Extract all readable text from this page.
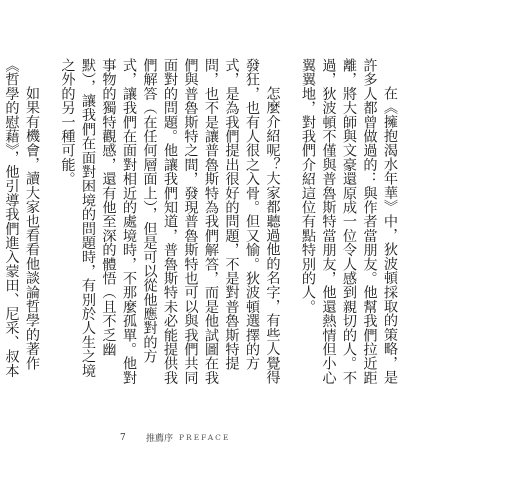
在《擁抱渴水年華》中，狄波頓採取的策略，是許多人都曾做過的：與作者當朋友。他幫我們拉近距離，將大師與文豪還原成一位令人感到親切的人。不過，狄波頓不僅與普魯斯特當朋友，他還熱情但小心翼翼地，對我們介紹這位有點特別的人。

怎麼介紹呢？大家都聽過他的名字，有些人覺得發狂，也有人很之入骨。但又愉。狄波頓選擇的方式，是為我們提出很好的問題，不是對普魯斯特提問，也不是讓普魯斯特為我們解答，而是他試圖在我們與普魯斯特之間，發現普魯斯特也可以與我們共同面對的問題。他讓我們知道，普魯斯特未必能提供我們解答（在任何層面上），但是可以從他應對的方式，讓我們在面對相近的處境時，不那麼孤單。他對事物的獨特觀感，還有他至深的體悟（且不乏幽默），讓我們在面對困境的問題時，有別於人生之境之外的另一種可能。

如果有機會，讀大家也看看他談論哲學的著作《哲學的慰藉》，他引導我們進入蒙田、尼采、叔本

7	推薦序 PREFACE
